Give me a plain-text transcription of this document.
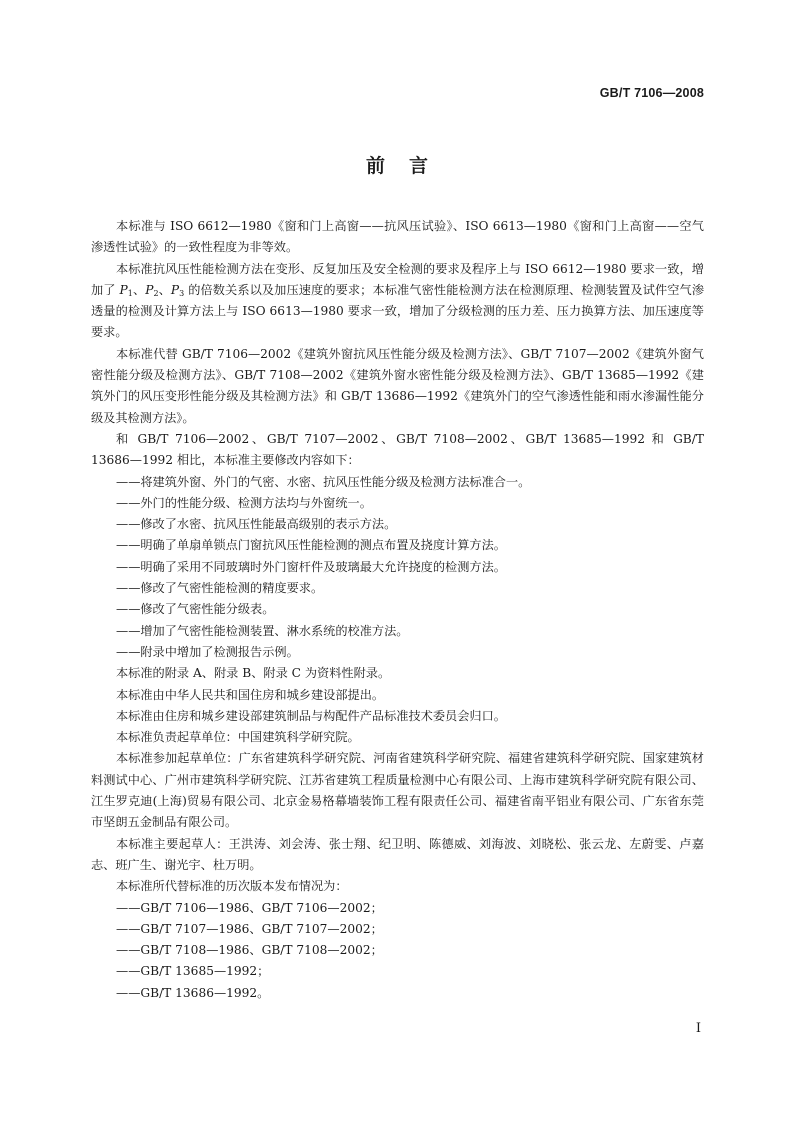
GB/T 7106—2008
前言

本标准与 ISO 6612—1980《窗和门上高窗——抗风压试验》、ISO 6613—1980《窗和门上高窗——空气渗透性试验》的一致性程度为非等效。

本标准抗风压性能检测方法在变形、反复加压及安全检测的要求及程序上与 ISO 6612—1980 要求一致，增加了 $P_1$、$P_2$、$P_3$ 的倍数关系以及加压速度的要求；本标准气密性能检测方法在检测原理、检测装置及试件空气渗透量的检测及计算方法上与 ISO 6613—1980 要求一致，增加了分级检测的压力差、压力换算方法、加压速度等要求。

本标准代替 GB/T 7106—2002《建筑外窗抗风压性能分级及检测方法》、GB/T 7107—2002《建筑外窗气密性能分级及检测方法》、GB/T 7108—2002《建筑外窗水密性能分级及检测方法》、GB/T 13685—1992《建筑外门的风压变形性能分级及其检测方法》和 GB/T 13686—1992《建筑外门的空气渗透性能和雨水渗漏性能分级及其检测方法》。

和 GB/T 7106—2002、GB/T 7107—2002、GB/T 7108—2002、GB/T 13685—1992 和 GB/T 13686—1992 相比，本标准主要修改内容如下：

——将建筑外窗、外门的气密、水密、抗风压性能分级及检测方法标准合一。

——外门的性能分级、检测方法均与外窗统一。

——修改了水密、抗风压性能最高级别的表示方法。

——明确了单扇单锁点门窗抗风压性能检测的测点布置及挠度计算方法。

——明确了采用不同玻璃时外门窗杆件及玻璃最大允许挠度的检测方法。

——修改了气密性能检测的精度要求。

——修改了气密性能分级表。

——增加了气密性能检测装置、淋水系统的校准方法。

——附录中增加了检测报告示例。

本标准的附录 A、附录 B、附录 C 为资料性附录。

本标准由中华人民共和国住房和城乡建设部提出。

本标准由住房和城乡建设部建筑制品与构配件产品标准技术委员会归口。

本标准负责起草单位：中国建筑科学研究院。

本标准参加起草单位：广东省建筑科学研究院、河南省建筑科学研究院、福建省建筑科学研究院、国家建筑材料测试中心、广州市建筑科学研究院、江苏省建筑工程质量检测中心有限公司、上海市建筑科学研究院有限公司、江生罗克迪(上海)贸易有限公司、北京金易格幕墙装饰工程有限责任公司、福建省南平铝业有限公司、广东省东莞市坚朗五金制品有限公司。

本标准主要起草人：王洪涛、刘会涛、张士翔、纪卫明、陈德威、刘海波、刘晓松、张云龙、左蔚雯、卢嘉志、班广生、谢光宇、杜万明。

本标准所代替标准的历次版本发布情况为：

——GB/T 7106—1986、GB/T 7106—2002；

——GB/T 7107—1986、GB/T 7107—2002；

——GB/T 7108—1986、GB/T 7108—2002；

——GB/T 13685—1992；

——GB/T 13686—1992。

I
